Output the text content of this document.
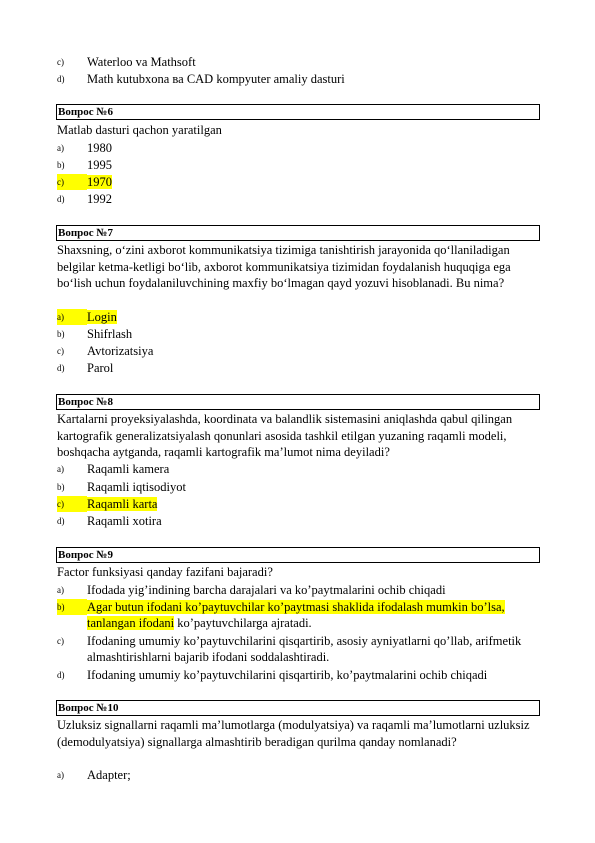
c) Waterloo va Mathsoft
d) Math kutubxona ва CAD kompyuter amaliy dasturi
Вопрос №6
Matlab dasturi qachon yaratilgan
a) 1980
b) 1995
c) 1970
d) 1992
Вопрос №7
Shaxsning, o‘zini axborot kommunikatsiya tizimiga tanishtirish jarayonida qo‘llaniladigan belgilar ketma-ketligi bo‘lib, axborot kommunikatsiya tizimidan foydalanish huquqiga ega bo‘lish uchun foydalaniluvchining maxfiy bo‘lmagan qayd yozuvi hisoblanadi. Bu nima?
a) Login
b) Shifrlash
c) Avtorizatsiya
d) Parol
Вопрос №8
Kartalarni proyeksiyalashda, koordinata va balandlik sistemasini aniqlashda qabul qilingan kartografik generalizatsiyalash qonunlari asosida tashkil etilgan yuzaning raqamli modeli, boshqacha aytganda, raqamli kartografik ma’lumot nima deyiladi?
a) Raqamli kamera
b) Raqamli iqtisodiyot
c) Raqamli karta
d) Raqamli xotira
Вопрос №9
Factor funksiyasi qanday fazifani bajaradi?
a) Ifodada yig’indining barcha darajalari va ko’paytmalarini ochib chiqadi
b)	Agar butun ifodani ko’paytuvchilar ko’paytmasi shaklida ifodalash mumkin bo’lsa, tanlangan ifodani ko’paytuvchilarga ajratadi.
c)	Ifodaning umumiy ko’paytuvchilarini qisqartirib, asosiy ayniyatlarni qo’llab, arifmetik almashtirishlarni bajarib ifodani soddalashtiradi.
d)	Ifodaning umumiy ko’paytuvchilarini qisqartirib, ko’paytmalarini ochib chiqadi
Вопрос №10
Uzluksiz signallarni raqamli ma’lumotlarga (modulyatsiya) va raqamli ma’lumotlarni uzluksiz (demodulyatsiya) signallarga almashtirib beradigan qurilma qanday nomlanadi?
a) Adapter;
